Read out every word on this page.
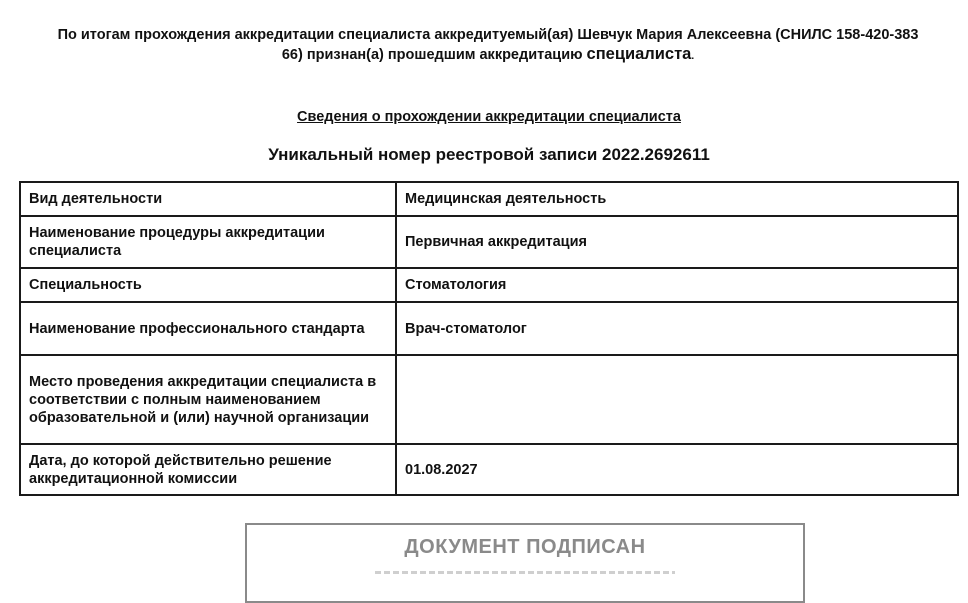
По итогам прохождения аккредитации специалиста аккредитуемый(ая) Шевчук Мария Алексеевна (СНИЛС 158-420-383
66) признан(а) прошедшим аккредитацию специалиста.
Сведения о прохождении аккредитации специалиста
Уникальный номер реестровой записи 2022.2692611
Вид деятельности	Медицинская деятельность
Наименование процедуры аккредитации специалиста	Первичная аккредитация
Специальность	Стоматология
Наименование профессионального стандарта	Врач-стоматолог
Место проведения аккредитации специалиста в соответствии с полным наименованием образовательной и (или) научной организации	
Дата, до которой действительно решение аккредитационной комиссии	01.08.2027
ДОКУМЕНТ ПОДПИСАН
